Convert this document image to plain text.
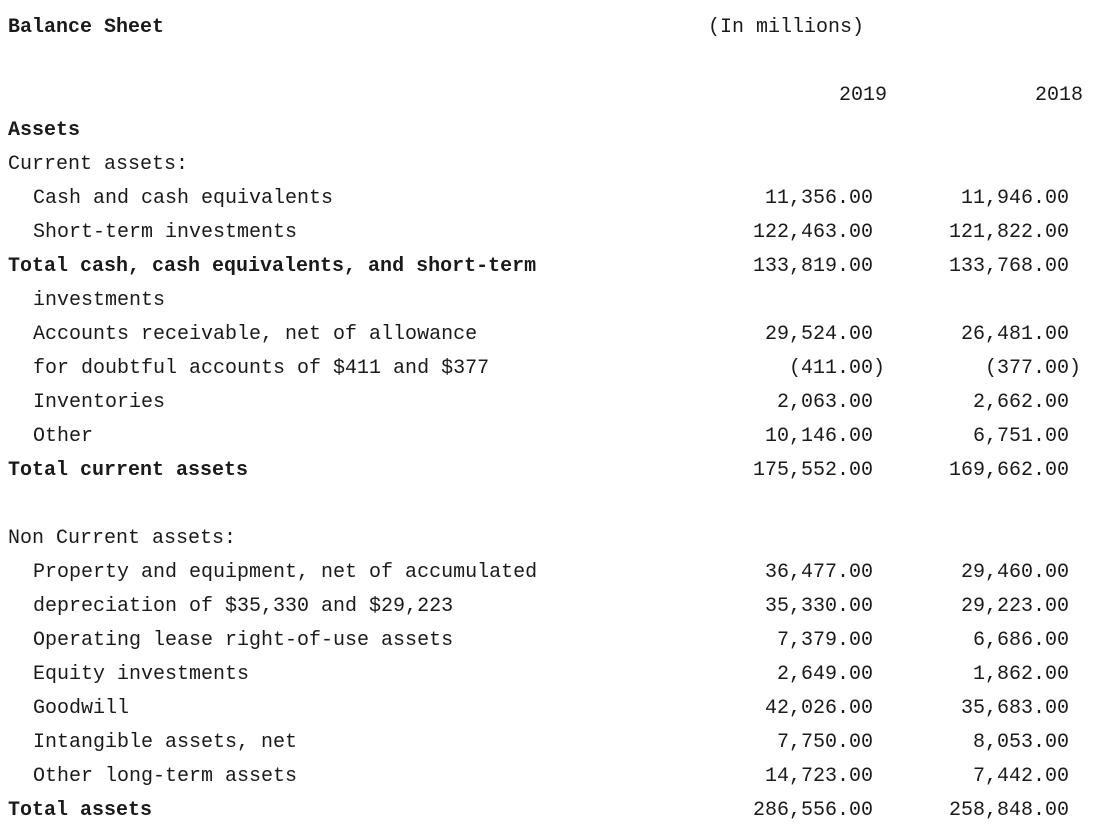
Balance Sheet	(In millions)
2019	2018
Assets
Current assets:
Cash and cash equivalents	11,356.00	11,946.00
Short-term investments	122,463.00	121,822.00
Total cash, cash equivalents, and short-term	133,819.00	133,768.00
investments
Accounts receivable, net of allowance	29,524.00	26,481.00
for doubtful accounts of $411 and $377	(411.00)	(377.00)
Inventories	2,063.00	2,662.00
Other	10,146.00	6,751.00
Total current assets	175,552.00	169,662.00
Non Current assets:
Property and equipment, net of accumulated	36,477.00	29,460.00
depreciation of $35,330 and $29,223	35,330.00	29,223.00
Operating lease right-of-use assets	7,379.00	6,686.00
Equity investments	2,649.00	1,862.00
Goodwill	42,026.00	35,683.00
Intangible assets, net	7,750.00	8,053.00
Other long-term assets	14,723.00	7,442.00
Total assets	286,556.00	258,848.00
